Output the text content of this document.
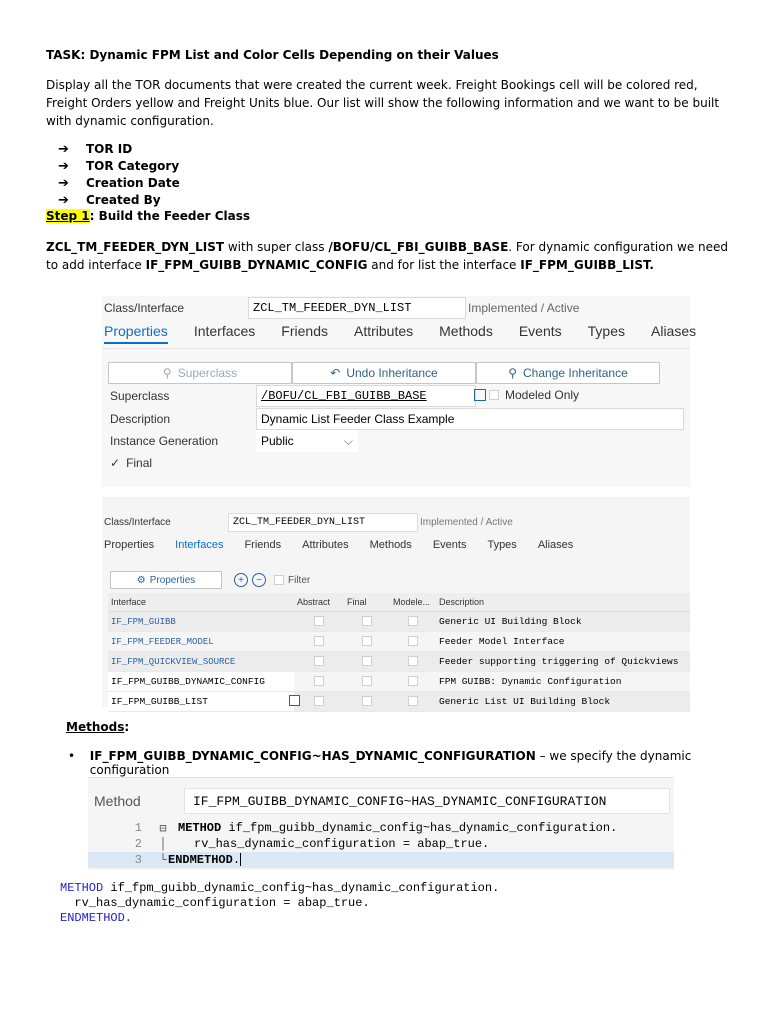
TASK: Dynamic FPM List and Color Cells Depending on their Values
Display all the TOR documents that were created the current week. Freight Bookings cell will be colored red, Freight Orders yellow and Freight Units blue. Our list will show the following information and we want to be built with dynamic configuration.
➔	TOR ID
➔	TOR Category
➔	Creation Date
➔	Created By
Step 1: Build the Feeder Class
ZCL_TM_FEEDER_DYN_LIST with super class /BOFU/CL_FBI_GUIBB_BASE. For dynamic configuration we need to add interface IF_FPM_GUIBB_DYNAMIC_CONFIG and for list the interface IF_FPM_GUIBB_LIST.
Class/Interface	ZCL_TM_FEEDER_DYN_LIST	Implemented / Active
Properties Interfaces Friends Attributes Methods Events Types Aliases
⚲ Superclass	↶ Undo Inheritance	⚲ Change Inheritance
Superclass	/BOFU/CL_FBI_GUIBB_BASE	Modeled Only
Description	Dynamic List Feeder Class Example
Instance Generation	Public	⌵
✓ Final
Class/Interface	ZCL_TM_FEEDER_DYN_LIST	Implemented / Active
Properties Interfaces Friends Attributes Methods Events Types Aliases
⚙ Properties	+	−	Filter
Interface	Abstract	Final	Modele...	Description
IF_FPM_GUIBB				Generic UI Building Block
IF_FPM_FEEDER_MODEL				Feeder Model Interface
IF_FPM_QUICKVIEW_SOURCE				Feeder supporting triggering of Quickviews
IF_FPM_GUIBB_DYNAMIC_CONFIG				FPM GUIBB: Dynamic Configuration
IF_FPM_GUIBB_LIST				Generic List UI Building Block
Methods:
•	IF_FPM_GUIBB_DYNAMIC_CONFIG~HAS_DYNAMIC_CONFIGURATION – we specify the dynamic configuration
Method	IF_FPM_GUIBB_DYNAMIC_CONFIG~HAS_DYNAMIC_CONFIGURATION
1	⊟ METHOD if_fpm_guibb_dynamic_config~has_dynamic_configuration.
2	│	rv_has_dynamic_configuration = abap_true.
3	└ ENDMETHOD.
METHOD if_fpm_guibb_dynamic_config~has_dynamic_configuration.
rv_has_dynamic_configuration = abap_true.
ENDMETHOD.
